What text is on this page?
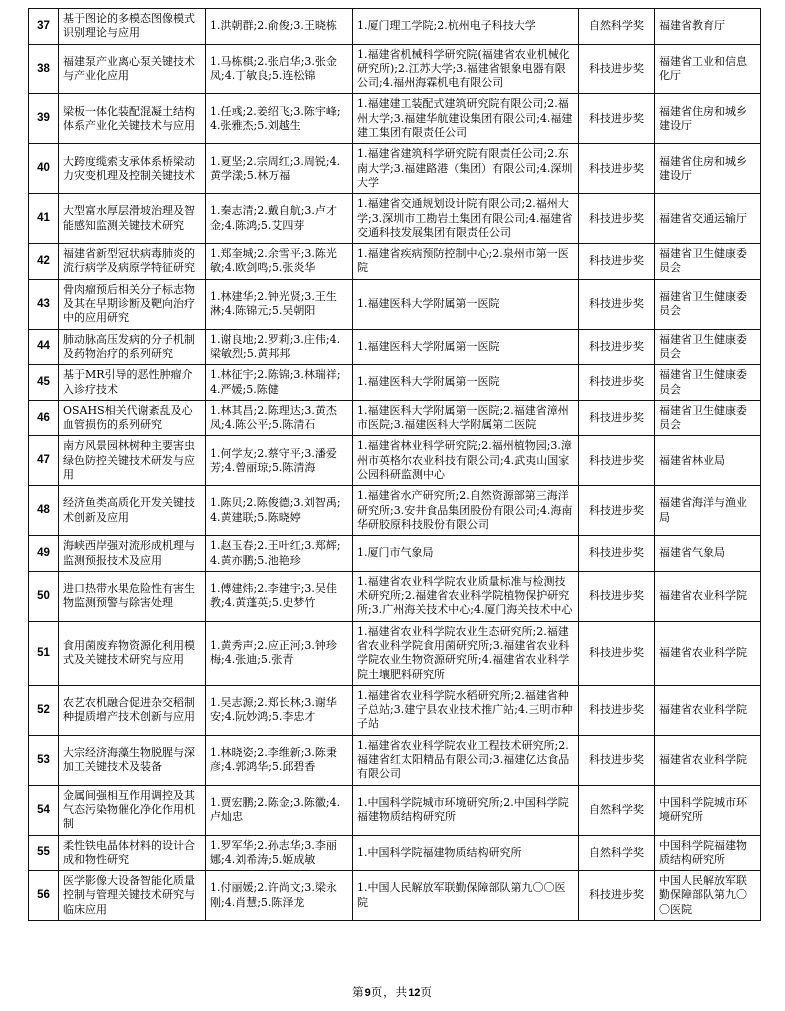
37	基于图论的多模态图像模式识别理论与应用	1.洪朝群;2.俞俊;3.王晓栋	1.厦门理工学院;2.杭州电子科技大学	自然科学奖	福建省教育厅
38	福建泵产业离心泵关键技术与产业化应用	1.马栋棋;2.张启华;3.张金凤;4.丁敏良;5.连松锦	1.福建省机械科学研究院(福建省农业机械化研究所);2.江苏大学;3.福建省银象电器有限公司;4.福州海霖机电有限公司	科技进步奖	福建省工业和信息化厅
39	梁板一体化装配混凝土结构体系产业化关键技术与应用	1.任彧;2.姜绍飞;3.陈宇峰;4.张雅杰;5.刘越生	1.福建建工装配式建筑研究院有限公司;2.福州大学;3.福建华航建设集团有限公司;4.福建建工集团有限责任公司	科技进步奖	福建省住房和城乡建设厅
40	大跨度缆索支承体系桥梁动力灾变机理及控制关键技术	1.夏坚;2.宗周红;3.周锐;4.黄学漾;5.林万福	1.福建省建筑科学研究院有限责任公司;2.东南大学;3.福建路港（集团）有限公司;4.深圳大学	科技进步奖	福建省住房和城乡建设厅
41	大型富水厚层滑坡治理及智能感知监测关键技术研究	1.秦志清;2.戴自航;3.卢才金;4.陈鸿;5.艾四芽	1.福建省交通规划设计院有限公司;2.福州大学;3.深圳市工勘岩土集团有限公司;4.福建省交通科技发展集团有限责任公司	科技进步奖	福建省交通运输厅
42	福建省新型冠状病毒肺炎的流行病学及病原学特征研究	1.郑奎城;2.余雪平;3.陈光敏;4.欧剑鸣;5.张炎华	1.福建省疾病预防控制中心;2.泉州市第一医院	科技进步奖	福建省卫生健康委员会
43	骨肉瘤预后相关分子标志物及其在早期诊断及靶向治疗中的应用研究	1.林建华;2.钟光贤;3.王生淋;4.陈锦元;5.吴朝阳	1.福建医科大学附属第一医院	科技进步奖	福建省卫生健康委员会
44	肺动脉高压发病的分子机制及药物治疗的系列研究	1.谢良地;2.罗莉;3.庄伟;4.梁敏烈;5.黄邦邦	1.福建医科大学附属第一医院	科技进步奖	福建省卫生健康委员会
45	基于MR引导的恶性肿瘤介入诊疗技术	1.林征宇;2.陈锦;3.林瑞祥;4.严媛;5.陈健	1.福建医科大学附属第一医院	科技进步奖	福建省卫生健康委员会
46	OSAHS相关代谢紊乱及心血管损伤的系列研究	1.林其昌;2.陈理达;3.黄杰凤;4.陈公平;5.陈清石	1.福建医科大学附属第一医院;2.福建省漳州市医院;3.福建医科大学附属第二医院	科技进步奖	福建省卫生健康委员会
47	南方风景园林树种主要害虫绿色防控关键技术研发与应用	1.何学友;2.蔡守平;3.潘爱芳;4.曾丽琼;5.陈清海	1.福建省林业科学研究院;2.福州植物园;3.漳州市英格尔农业科技有限公司;4.武夷山国家公园科研监测中心	科技进步奖	福建省林业局
48	经济鱼类高质化开发关键技术创新及应用	1.陈贝;2.陈俊德;3.刘智禹;4.黄建联;5.陈晓婷	1.福建省水产研究所;2.自然资源部第三海洋研究所;3.安井食品集团股份有限公司;4.海南华研胶原科技股份有限公司	科技进步奖	福建省海洋与渔业局
49	海峡西岸强对流形成机理与监测预报技术及应用	1.赵玉春;2.王叶红;3.郑辉;4.黄亦鹏;5.池艳珍	1.厦门市气象局	科技进步奖	福建省气象局
50	进口热带水果危险性有害生物监测预警与除害处理	1.傅建炜;2.李建宇;3.吴佳教;4.黄蓬英;5.史梦竹	1.福建省农业科学院农业质量标准与检测技术研究所;2.福建省农业科学院植物保护研究所;3.广州海关技术中心;4.厦门海关技术中心	科技进步奖	福建省农业科学院
51	食用菌废弃物资源化利用模式及关键技术研究与应用	1.黄秀声;2.应正河;3.钟珍梅;4.张迪;5.张青	1.福建省农业科学院农业生态研究所;2.福建省农业科学院食用菌研究所;3.福建省农业科学院农业生物资源研究所;4.福建省农业科学院土壤肥料研究所	科技进步奖	福建省农业科学院
52	农艺农机融合促进杂交稻制种提质增产技术创新与应用	1.吴志源;2.郑长林;3.谢华安;4.阮妙鸿;5.李忠才	1.福建省农业科学院水稻研究所;2.福建省种子总站;3.建宁县农业技术推广站;4.三明市种子站	科技进步奖	福建省农业科学院
53	大宗经济海藻生物脱腥与深加工关键技术及装备	1.林晓姿;2.李维新;3.陈秉彦;4.郭鸿华;5.邱碧香	1.福建省农业科学院农业工程技术研究所;2.福建省红太阳精品有限公司;3.福建亿达食品有限公司	科技进步奖	福建省农业科学院
54	金属间强相互作用调控及其气态污染物催化净化作用机制	1.贾宏鹏;2.陈金;3.陈徽;4.卢灿忠	1.中国科学院城市环境研究所;2.中国科学院福建物质结构研究所	自然科学奖	中国科学院城市环境研究所
55	柔性铁电晶体材料的设计合成和物性研究	1.罗军华;2.孙志华;3.李丽娜;4.刘希涛;5.姬成敏	1.中国科学院福建物质结构研究所	自然科学奖	中国科学院福建物质结构研究所
56	医学影像大设备智能化质量控制与管理关键技术研究与临床应用	1.付丽媛;2.许尚文;3.梁永刚;4.肖慧;5.陈泽龙	1.中国人民解放军联勤保障部队第九〇〇医院	科技进步奖	中国人民解放军联勤保障部队第九〇〇医院
第9页，共12页
